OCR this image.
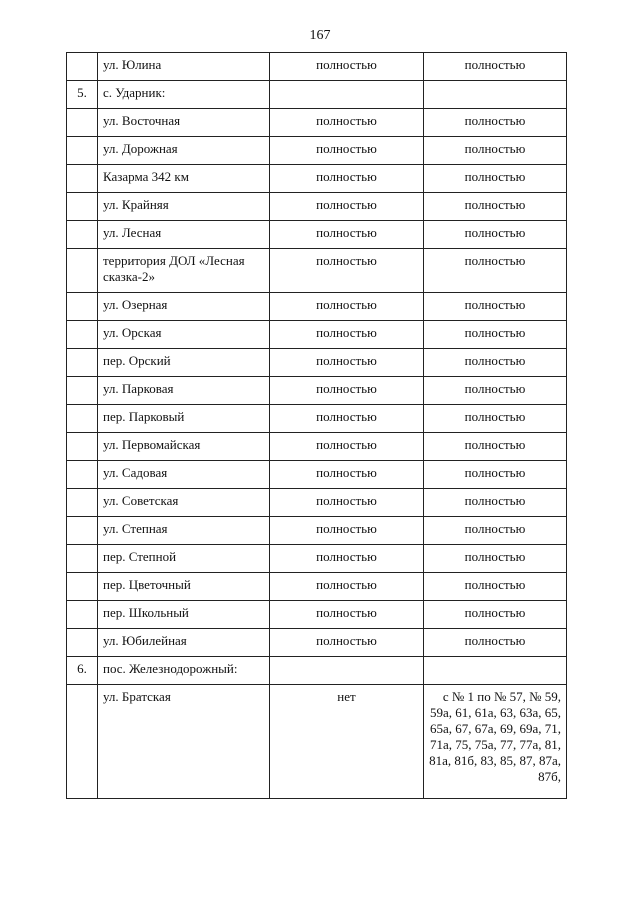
167
	ул. Юлина	полностью	полностью
5.	с. Ударник:		
	ул. Восточная	полностью	полностью
	ул. Дорожная	полностью	полностью
	Казарма 342 км	полностью	полностью
	ул. Крайняя	полностью	полностью
	ул. Лесная	полностью	полностью
	территория ДОЛ «Лесная сказка-2»	полностью	полностью
	ул. Озерная	полностью	полностью
	ул. Орская	полностью	полностью
	пер. Орский	полностью	полностью
	ул. Парковая	полностью	полностью
	пер. Парковый	полностью	полностью
	ул. Первомайская	полностью	полностью
	ул. Садовая	полностью	полностью
	ул. Советская	полностью	полностью
	ул. Степная	полностью	полностью
	пер. Степной	полностью	полностью
	пер. Цветочный	полностью	полностью
	пер. Школьный	полностью	полностью
	ул. Юбилейная	полностью	полностью
6.	пос. Железнодорожный:		
	ул. Братская	нет	с № 1 по № 57, № 59, 59а, 61, 61а, 63, 63а, 65, 65а, 67, 67а, 69, 69а, 71, 71а, 75, 75а, 77, 77а, 81, 81а, 81б, 83, 85, 87, 87а, 87б,
